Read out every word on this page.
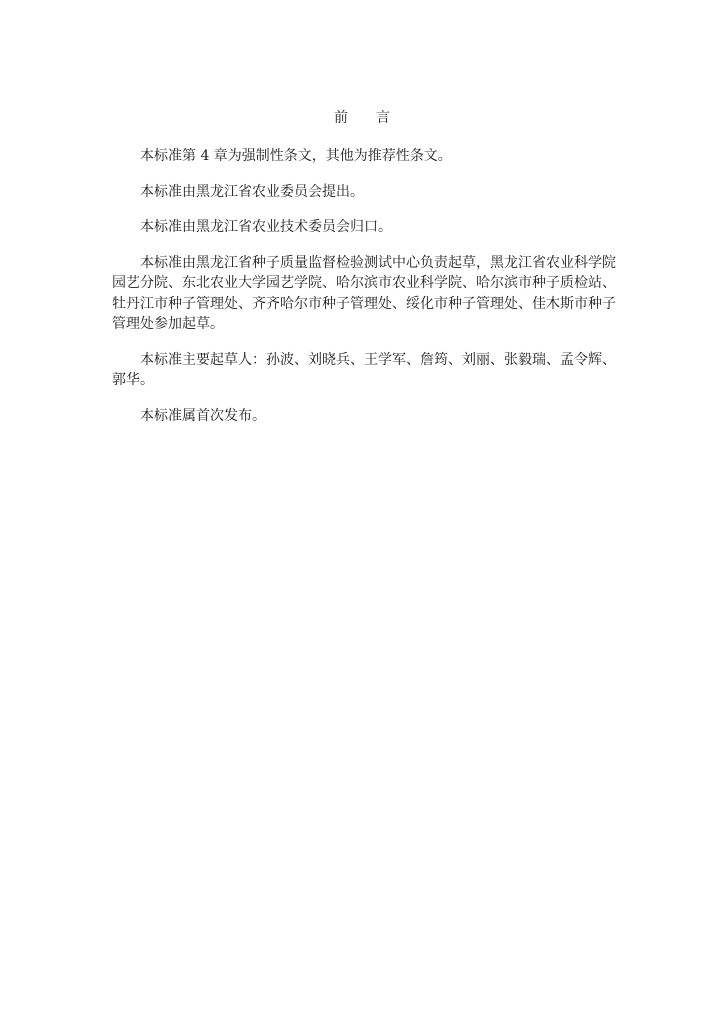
前言

本标准第 4 章为强制性条文，其他为推荐性条文。

本标准由黑龙江省农业委员会提出。

本标准由黑龙江省农业技术委员会归口。

本标准由黑龙江省种子质量监督检验测试中心负责起草，黑龙江省农业科学院园艺分院、东北农业大学园艺学院、哈尔滨市农业科学院、哈尔滨市种子质检站、牡丹江市种子管理处、齐齐哈尔市种子管理处、绥化市种子管理处、佳木斯市种子管理处参加起草。

本标准主要起草人：孙波、刘晓兵、王学军、詹筠、刘丽、张毅瑞、孟令辉、郭华。

本标准属首次发布。
